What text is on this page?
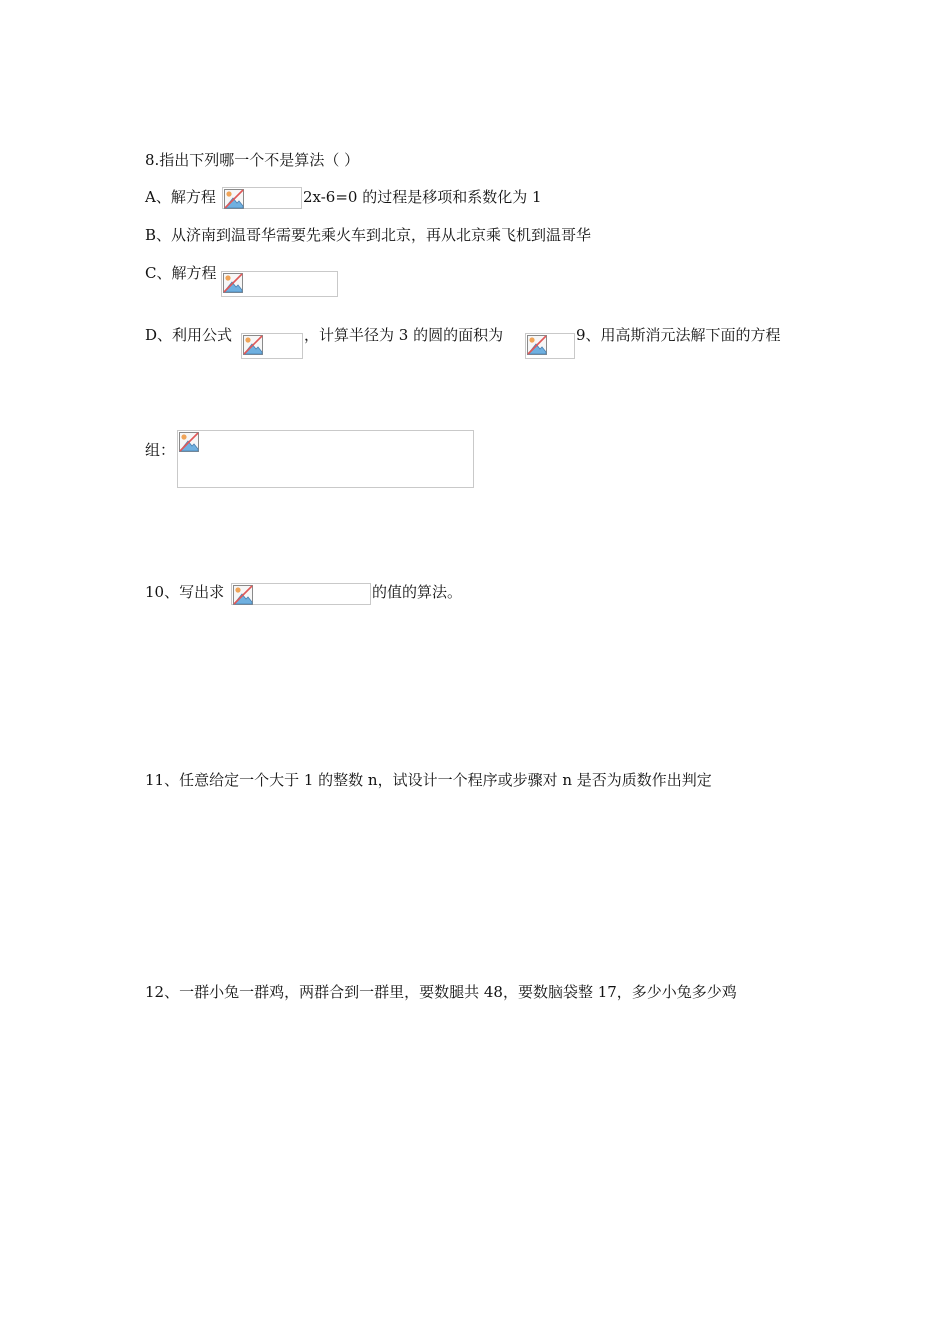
8.指出下列哪一个不是算法（ ）
A、解方程	2x-6=0 的过程是移项和系数化为 1
B、从济南到温哥华需要先乘火车到北京，再从北京乘飞机到温哥华
C、解方程
D、利用公式	，计算半径为 3 的圆的面积为	9、用高斯消元法解下面的方程
组：
10、写出求	的值的算法。
11、任意给定一个大于 1 的整数 n，试设计一个程序或步骤对 n 是否为质数作出判定
12、一群小兔一群鸡，两群合到一群里，要数腿共 48，要数脑袋整 17，多少小兔多少鸡
